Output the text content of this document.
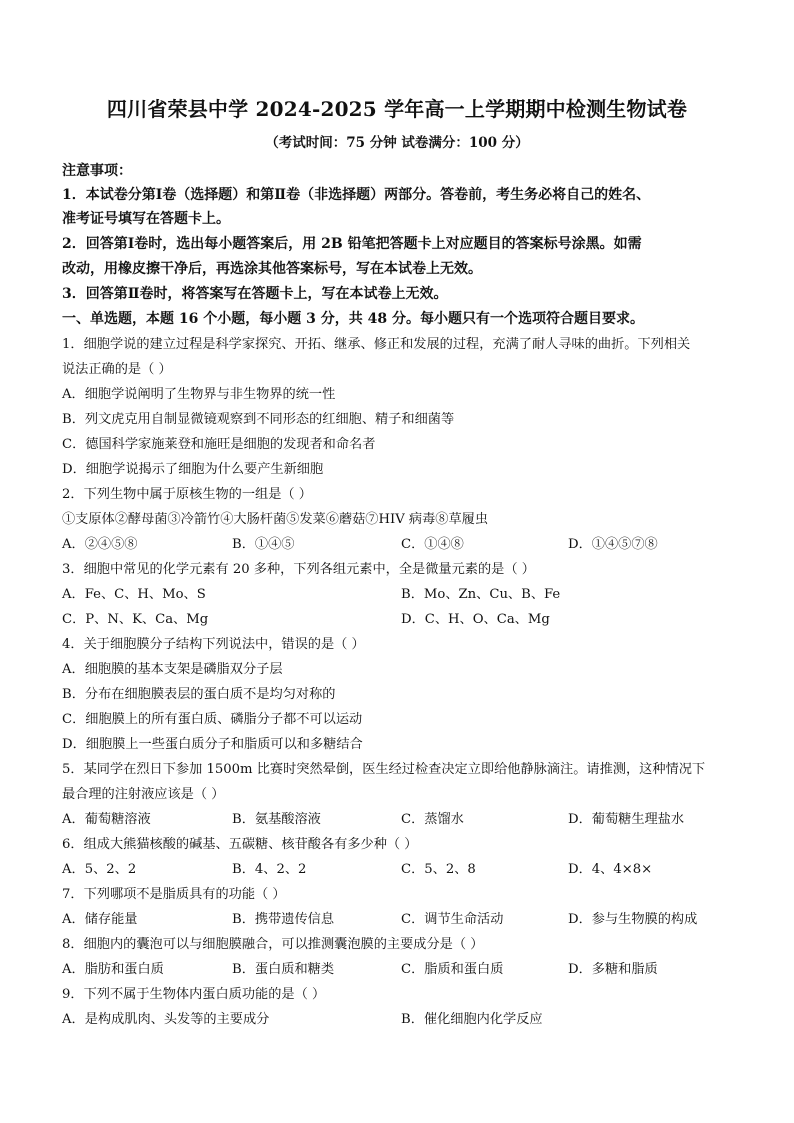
四川省荣县中学 2024-2025 学年高一上学期期中检测生物试卷
（考试时间：75 分钟 试卷满分：100 分）
注意事项：
1．本试卷分第Ⅰ卷（选择题）和第Ⅱ卷（非选择题）两部分。答卷前，考生务必将自己的姓名、
准考证号填写在答题卡上。
2．回答第Ⅰ卷时，选出每小题答案后，用 2B 铅笔把答题卡上对应题目的答案标号涂黑。如需
改动，用橡皮擦干净后，再选涂其他答案标号，写在本试卷上无效。
3．回答第Ⅱ卷时，将答案写在答题卡上，写在本试卷上无效。
一、单选题，本题 16 个小题，每小题 3 分，共 48 分。每小题只有一个选项符合题目要求。
1．细胞学说的建立过程是科学家探究、开拓、继承、修正和发展的过程，充满了耐人寻味的曲折。下列相关
说法正确的是（ ）
A．细胞学说阐明了生物界与非生物界的统一性
B．列文虎克用自制显微镜观察到不同形态的红细胞、精子和细菌等
C．德国科学家施莱登和施旺是细胞的发现者和命名者
D．细胞学说揭示了细胞为什么要产生新细胞
2．下列生物中属于原核生物的一组是（ ）
①支原体②酵母菌③冷箭竹④大肠杆菌⑤发菜⑥蘑菇⑦HIV 病毒⑧草履虫
A．②④⑤⑧	B．①④⑤	C．①④⑧	D．①④⑤⑦⑧
3．细胞中常见的化学元素有 20 多种，下列各组元素中，全是微量元素的是（ ）
A．Fe、C、H、Mo、S	B．Mo、Zn、Cu、B、Fe
C．P、N、K、Ca、Mg	D．C、H、O、Ca、Mg
4．关于细胞膜分子结构下列说法中，错误的是（ ）
A．细胞膜的基本支架是磷脂双分子层
B．分布在细胞膜表层的蛋白质不是均匀对称的
C．细胞膜上的所有蛋白质、磷脂分子都不可以运动
D．细胞膜上一些蛋白质分子和脂质可以和多糖结合
5．某同学在烈日下参加 1500m 比赛时突然晕倒，医生经过检查决定立即给他静脉滴注。请推测，这种情况下
最合理的注射液应该是（ ）
A．葡萄糖溶液	B．氨基酸溶液	C．蒸馏水	D．葡萄糖生理盐水
6．组成大熊猫核酸的碱基、五碳糖、核苷酸各有多少种（ ）
A．5、2、2	B．4、2、2	C．5、2、8	D．4、4×8×
7．下列哪项不是脂质具有的功能（ ）
A．储存能量	B．携带遗传信息	C．调节生命活动	D．参与生物膜的构成
8．细胞内的囊泡可以与细胞膜融合，可以推测囊泡膜的主要成分是（ ）
A．脂肪和蛋白质	B．蛋白质和糖类	C．脂质和蛋白质	D．多糖和脂质
9．下列不属于生物体内蛋白质功能的是（ ）
A．是构成肌肉、头发等的主要成分	B．催化细胞内化学反应
